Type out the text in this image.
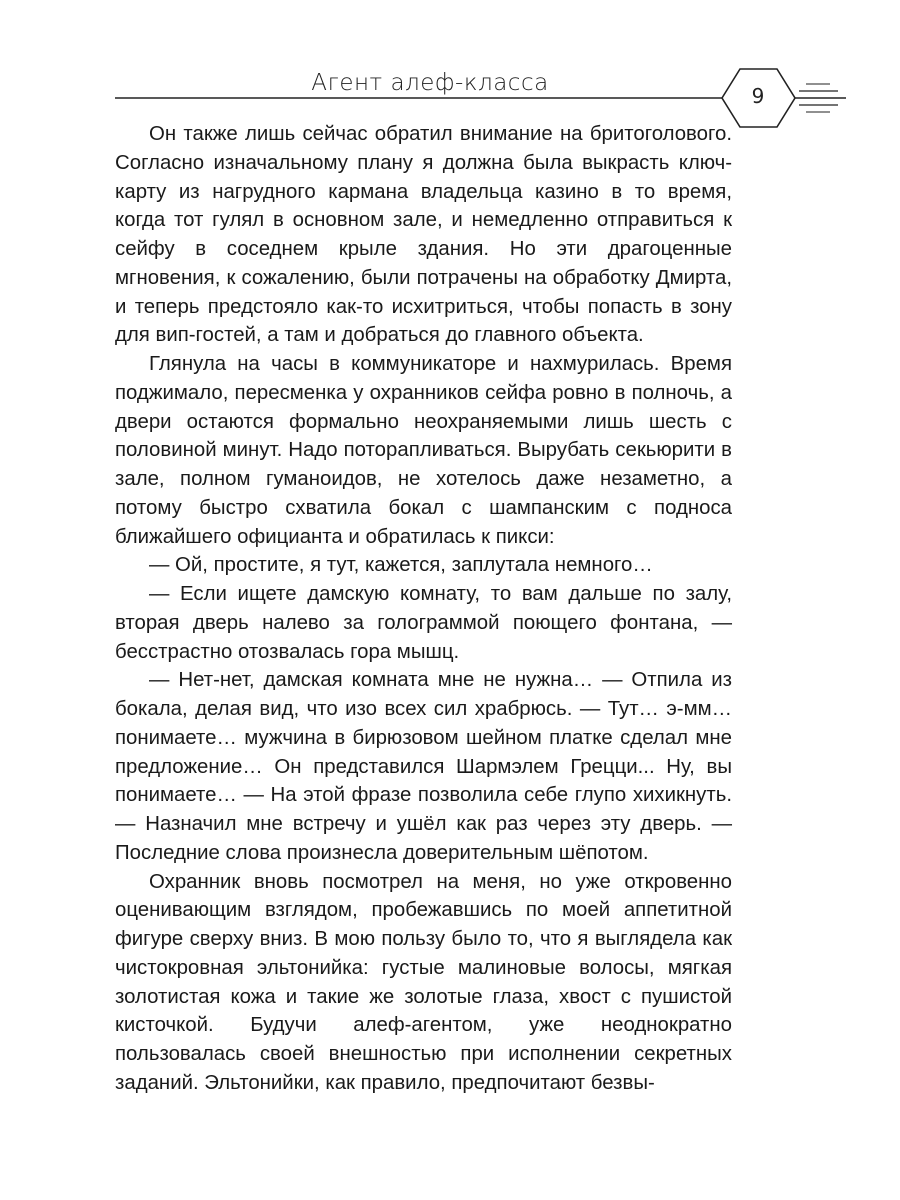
Агент алеф-класса	9

Он также лишь сейчас обратил внимание на бритоголового. Согласно изначальному плану я должна была выкрасть ключ-карту из нагрудного кармана владельца казино в то время, когда тот гулял в основном зале, и немедленно отправиться к сейфу в соседнем крыле здания. Но эти драгоценные мгновения, к сожалению, были потрачены на обработку Дмирта, и теперь предстояло как-то исхитриться, чтобы попасть в зону для вип-гостей, а там и добраться до главного объекта.

Глянула на часы в коммуникаторе и нахмурилась. Время поджимало, пересменка у охранников сейфа ровно в полночь, а двери остаются формально неохраняемыми лишь шесть с половиной минут. Надо поторапливаться. Вырубать секьюрити в зале, полном гуманоидов, не хотелось даже незаметно, а потому быстро схватила бокал с шампанским с подноса ближайшего официанта и обратилась к пикси:

— Ой, простите, я тут, кажется, заплутала немного…

— Если ищете дамскую комнату, то вам дальше по залу, вторая дверь налево за голограммой поющего фонтана, — бесстрастно отозвалась гора мышц.

— Нет-нет, дамская комната мне не нужна… — Отпила из бокала, делая вид, что изо всех сил храбрюсь. — Тут… э-мм… понимаете… мужчина в бирюзовом шейном платке сделал мне предложение… Он представился Шармэлем Грецци... Ну, вы понимаете… — На этой фразе позволила себе глупо хихикнуть. — Назначил мне встречу и ушёл как раз через эту дверь. —Последние слова произнесла доверительным шёпотом.

Охранник вновь посмотрел на меня, но уже откровенно оценивающим взглядом, пробежавшись по моей аппетитной фигуре сверху вниз. В мою пользу было то, что я выглядела как чистокровная эльтонийка: густые малиновые волосы, мягкая золотистая кожа и такие же золотые глаза, хвост с пушистой кисточкой. Будучи алеф-агентом, уже неоднократно пользовалась своей внешностью при исполнении секретных заданий. Эльтонийки, как правило, предпочитают безвы-
